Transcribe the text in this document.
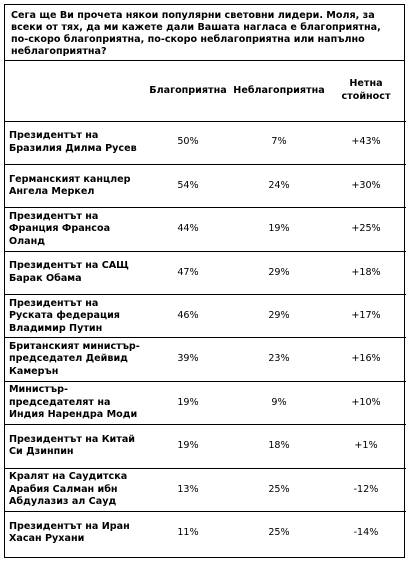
Сега ще Ви прочета някои популярни световни лидери. Моля, за всеки от тях, да ми кажете дали Вашата нагласа е благоприятна, по-скоро благоприятна, по-скоро неблагоприятна или напълно неблагоприятна?
	Благоприятна	Неблагоприятна	Нетна стойност
Президентът на Бразилия Дилма Русев	50%	7%	+43%
Германският канцлер Ангела Меркел	54%	24%	+30%
Президентът на Франция Франсоа Оланд	44%	19%	+25%
Президентът на САЩ Барак Обама	47%	29%	+18%
Президентът на Руската федерация Владимир Путин	46%	29%	+17%
Британският министър-председател Дейвид Камерън	39%	23%	+16%
Министър-председателят на Индия Нарендра Моди	19%	9%	+10%
Президентът на Китай Си Дзинпин	19%	18%	+1%
Кралят на Саудитска Арабия Салман ибн Абдулазиз ал Сауд	13%	25%	-12%
Президентът на Иран Хасан Рухани	11%	25%	-14%
